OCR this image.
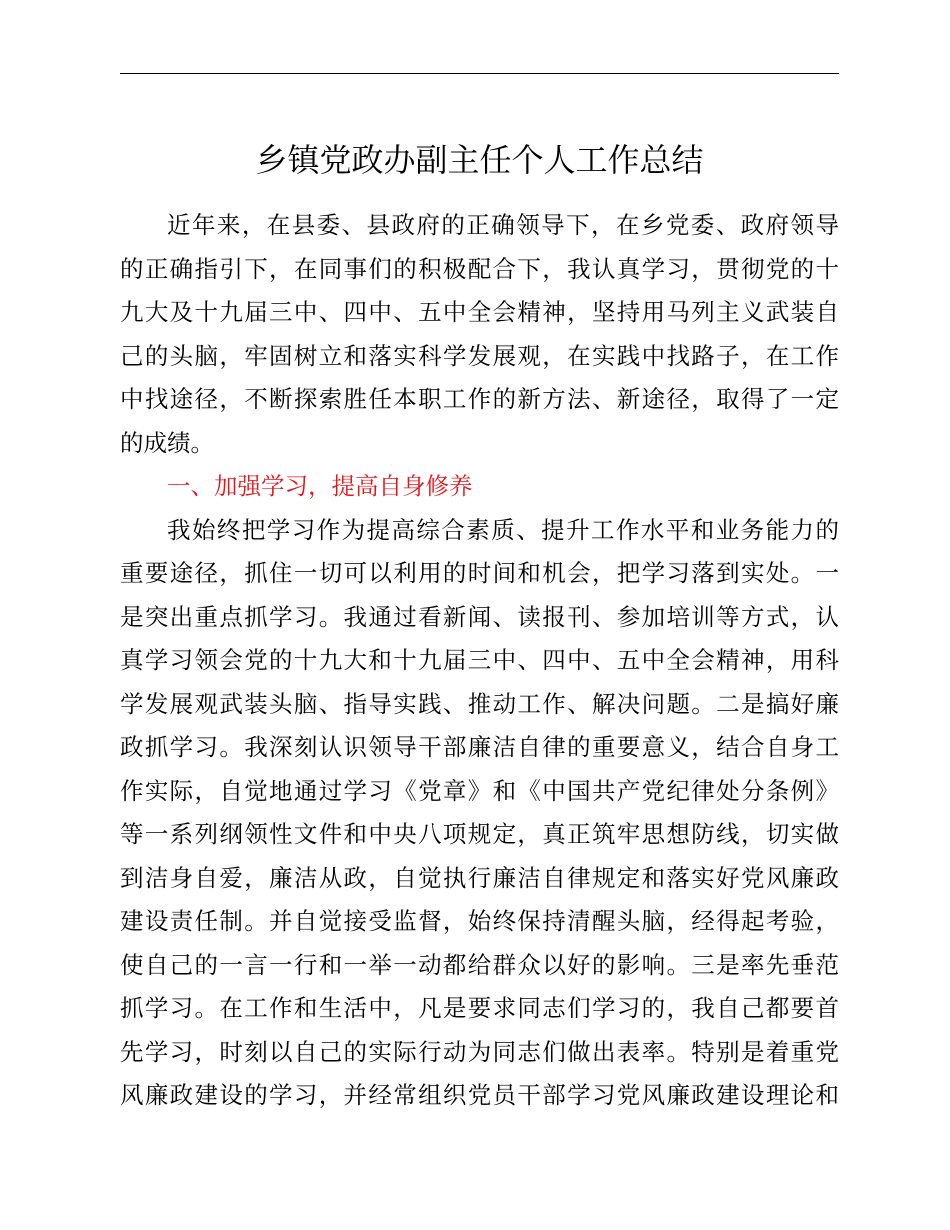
乡镇党政办副主任个人工作总结
近年来，在县委、县政府的正确领导下，在乡党委、政府领导
的正确指引下，在同事们的积极配合下，我认真学习，贯彻党的十
九大及十九届三中、四中、五中全会精神，坚持用马列主义武装自
己的头脑，牢固树立和落实科学发展观，在实践中找路子，在工作
中找途径，不断探索胜任本职工作的新方法、新途径，取得了一定
的成绩。
一、加强学习，提高自身修养
我始终把学习作为提高综合素质、提升工作水平和业务能力的
重要途径，抓住一切可以利用的时间和机会，把学习落到实处。一
是突出重点抓学习。我通过看新闻、读报刊、参加培训等方式，认
真学习领会党的十九大和十九届三中、四中、五中全会精神，用科
学发展观武装头脑、指导实践、推动工作、解决问题。二是搞好廉
政抓学习。我深刻认识领导干部廉洁自律的重要意义，结合自身工
作实际，自觉地通过学习《党章》和《中国共产党纪律处分条例》
等一系列纲领性文件和中央八项规定，真正筑牢思想防线，切实做
到洁身自爱，廉洁从政，自觉执行廉洁自律规定和落实好党风廉政
建设责任制。并自觉接受监督，始终保持清醒头脑，经得起考验，
使自己的一言一行和一举一动都给群众以好的影响。三是率先垂范
抓学习。在工作和生活中，凡是要求同志们学习的，我自己都要首
先学习，时刻以自己的实际行动为同志们做出表率。特别是着重党
风廉政建设的学习，并经常组织党员干部学习党风廉政建设理论和
